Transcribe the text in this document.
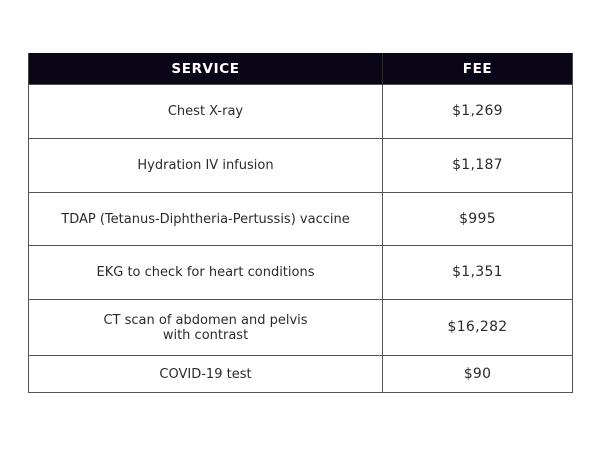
SERVICE	FEE
Chest X-ray	$1,269
Hydration IV infusion	$1,187
TDAP (Tetanus-Diphtheria-Pertussis) vaccine	$995
EKG to check for heart conditions	$1,351

CT scan of abdomen and pelvis
with contrast	$16,282
COVID-19 test	$90
